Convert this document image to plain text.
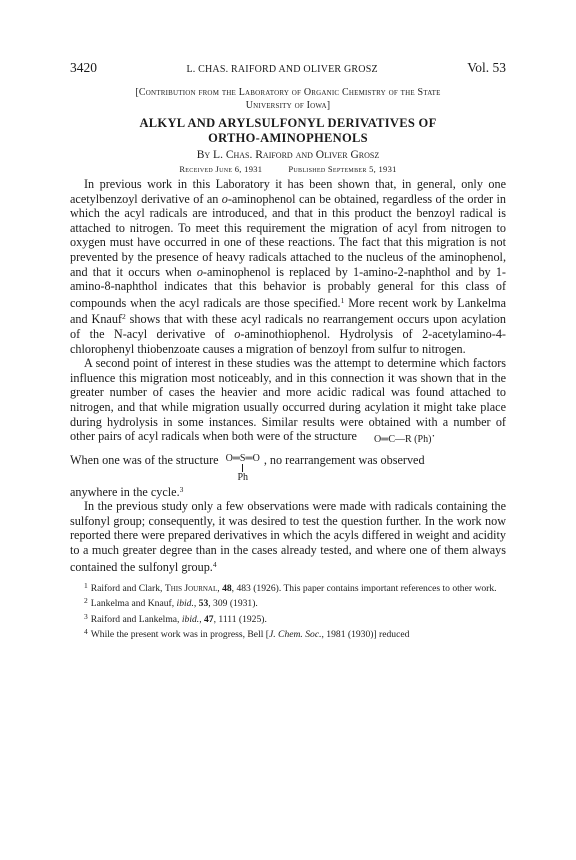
3420	L. CHAS. RAIFORD AND OLIVER GROSZ	Vol. 53
[Contribution from the Laboratory of Organic Chemistry of the State
University of Iowa]
ALKYL AND ARYLSULFONYL DERIVATIVES OF
ORTHO-AMINOPHENOLS
By L. Chas. Raiford and Oliver Grosz
Received June 6, 1931	Published September 5, 1931

In previous work in this Laboratory it has been shown that, in general, only one acetylbenzoyl derivative of an o-aminophenol can be obtained, regardless of the order in which the acyl radicals are introduced, and that in this product the benzoyl radical is attached to nitrogen. To meet this requirement the migration of acyl from nitrogen to oxygen must have occurred in one of these reactions. The fact that this migration is not prevented by the presence of heavy radicals attached to the nucleus of the aminophenol, and that it occurs when o-aminophenol is replaced by 1-amino-2-naphthol and by 1-amino-8-naphthol indicates that this behavior is probably general for this class of compounds when the acyl radicals are those specified.$^1$ More recent work by Lankelma and Knauf$^2$ shows that with these acyl radicals no rearrangement occurs upon acylation of the N-acyl derivative of o-aminothiophenol. Hydrolysis of 2-acetylamino-4-chlorophenyl thiobenzoate causes a migration of benzoyl from sulfur to nitrogen.

A second point of interest in these studies was the attempt to determine which factors influence this migration most noticeably, and in this connection it was shown that in the greater number of cases the heavier and more acidic radical was found attached to nitrogen, and that while migration usually occurred during acylation it might take place during hydrolysis in some instances. Similar results were obtained with a number of other pairs of acyl radicals when both were of the structure O═C—R (Ph)·

When one was of the structure O═S═O
Ph
, no rearrangement was observed

anywhere in the cycle.$^3$

In the previous study only a few observations were made with radicals containing the sulfonyl group; consequently, it was desired to test the question further. In the work now reported there were prepared derivatives in which the acyls differed in weight and acidity to a much greater degree than in the cases already tested, and where one of them always contained the sulfonyl group.$^4$

$^1$ Raiford and Clark, This Journal, 48, 483 (1926). This paper contains important references to other work.

$^2$ Lankelma and Knauf, ibid., 53, 309 (1931).

$^3$ Raiford and Lankelma, ibid., 47, 1111 (1925).

$^4$ While the present work was in progress, Bell [J. Chem. Soc., 1981 (1930)] reduced
